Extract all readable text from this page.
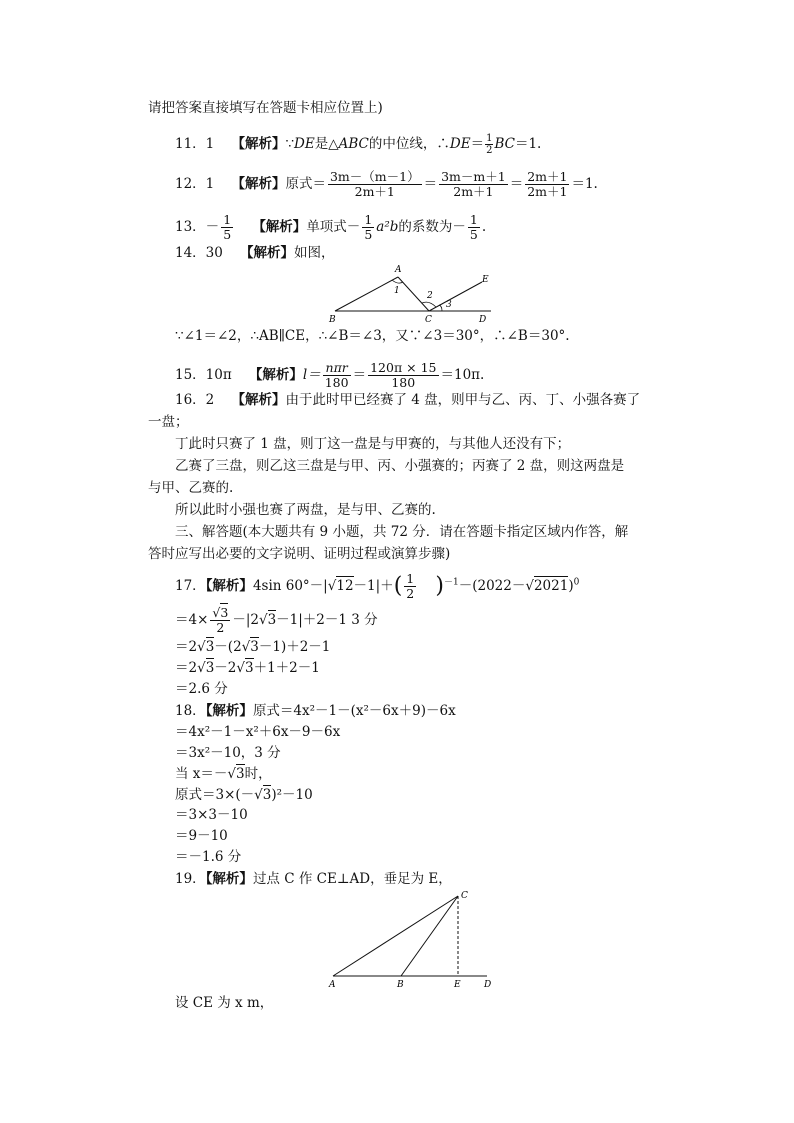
请把答案直接填写在答题卡相应位置上)
11．1 【解析】∵DE是△ABC的中位线，∴DE＝ $\frac{1}{2} BC=1$.
12．1 【解析】原式＝ $\frac{3m-(m-1)}{2m+1} = \frac{3m-m+1}{2m+1} = \frac{2m+1}{2m+1} =1$.
13．－ $\frac{1}{5}$ 【解析】单项式－ $\frac{1}{5} a^2b$的系数为－ $\frac{1}{5}$ .
14．30 【解析】如图，
A
B	C	D
E
1	2
3
∵∠1＝∠2，∴AB∥CE，∴∠B＝∠3，又∵∠3＝30°，∴∠B＝30°.
15．10π 【解析】l＝ nπr
$180 = \frac{120\pi \times 15}{180} =10\pi$.
16．2 【解析】由于此时甲已经赛了 4 盘，则甲与乙、丙、丁、小强各赛了
一盘；
丁此时只赛了 1 盘，则丁这一盘是与甲赛的，与其他人还没有下；
乙赛了三盘，则乙这三盘是与甲、丙、小强赛的；丙赛了 2 盘，则这两盘是
与甲、乙赛的.
所以此时小强也赛了两盘，是与甲、乙赛的.
三、解答题(本大题共有 9 小题，共 72 分．请在答题卡指定区域内作答，解
答时应写出必要的文字说明、证明过程或演算步骤)
17．【解析】4sin $60^\circ-|√12-1|+( \frac{1}{2} )^{-1}-(2022-√2021)^0$
$=4\times \frac{√3}{2} -|2√3-1|+2-1$ 3 分
＝2√3－(2√3－1)＋2－1
＝2√3－2√3＋1＋2－1
＝2.6 分
18．【解析】原式＝4x²－1－(x²－6x＋9)－6x
＝4x²－1－x²＋6x－9－6x
＝3x²－10，3 分
当 x＝－√3时，
原式＝3×(－√3)²－10
＝3×3－10
＝9－10
＝－1.6 分
19．【解析】过点 C 作 CE⊥AD，垂足为 E，
A	B	E	D
C
设 CE 为 x m，
